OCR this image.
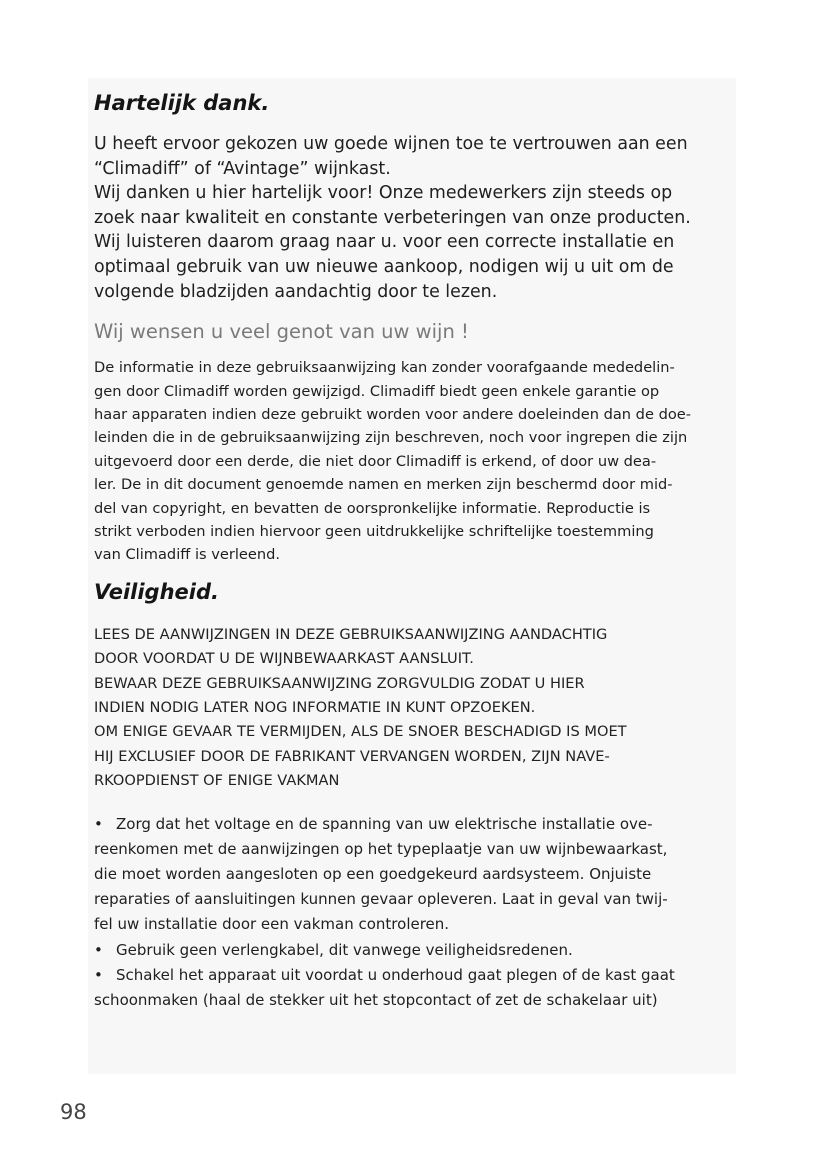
Hartelijk dank.
U heeft ervoor gekozen uw goede wijnen toe te vertrouwen aan een
“Climadiff” of “Avintage” wijnkast.
Wij danken u hier hartelijk voor! Onze medewerkers zijn steeds op
zoek naar kwaliteit en constante verbeteringen van onze producten.
Wij luisteren daarom graag naar u. voor een correcte installatie en
optimaal gebruik van uw nieuwe aankoop, nodigen wij u uit om de
volgende bladzijden aandachtig door te lezen.
Wij wensen u veel genot van uw wijn !
De informatie in deze gebruiksaanwijzing kan zonder voorafgaande mededelin-
gen door Climadiff worden gewijzigd. Climadiff biedt geen enkele garantie op
haar apparaten indien deze gebruikt worden voor andere doeleinden dan de doe-
leinden die in de gebruiksaanwijzing zijn beschreven, noch voor ingrepen die zijn
uitgevoerd door een derde, die niet door Climadiff is erkend, of door uw dea-
ler. De in dit document genoemde namen en merken zijn beschermd door mid-
del van copyright, en bevatten de oorspronkelijke informatie. Reproductie is
strikt verboden indien hiervoor geen uitdrukkelijke schriftelijke toestemming
van Climadiff is verleend.
Veiligheid.

LEES DE AANWIJZINGEN IN DEZE GEBRUIKSAANWIJZING AANDACHTIG

DOOR VOORDAT U DE WIJNBEWAARKAST AANSLUIT.

BEWAAR DEZE GEBRUIKSAANWIJZING ZORGVULDIG ZODAT U HIER

INDIEN NODIG LATER NOG INFORMATIE IN KUNT OPZOEKEN.

OM ENIGE GEVAAR TE VERMIJDEN, ALS DE SNOER BESCHADIGD IS MOET

HIJ EXCLUSIEF DOOR DE FABRIKANT VERVANGEN WORDEN, ZIJN NAVE-

RKOOPDIENST OF ENIGE VAKMAN

• Zorg dat het voltage en de spanning van uw elektrische installatie ove-

reenkomen met de aanwijzingen op het typeplaatje van uw wijnbewaarkast,

die moet worden aangesloten op een goedgekeurd aardsysteem. Onjuiste

reparaties of aansluitingen kunnen gevaar opleveren. Laat in geval van twij-

fel uw installatie door een vakman controleren.

• Gebruik geen verlengkabel, dit vanwege veiligheidsredenen.

• Schakel het apparaat uit voordat u onderhoud gaat plegen of de kast gaat

schoonmaken (haal de stekker uit het stopcontact of zet de schakelaar uit)

98
